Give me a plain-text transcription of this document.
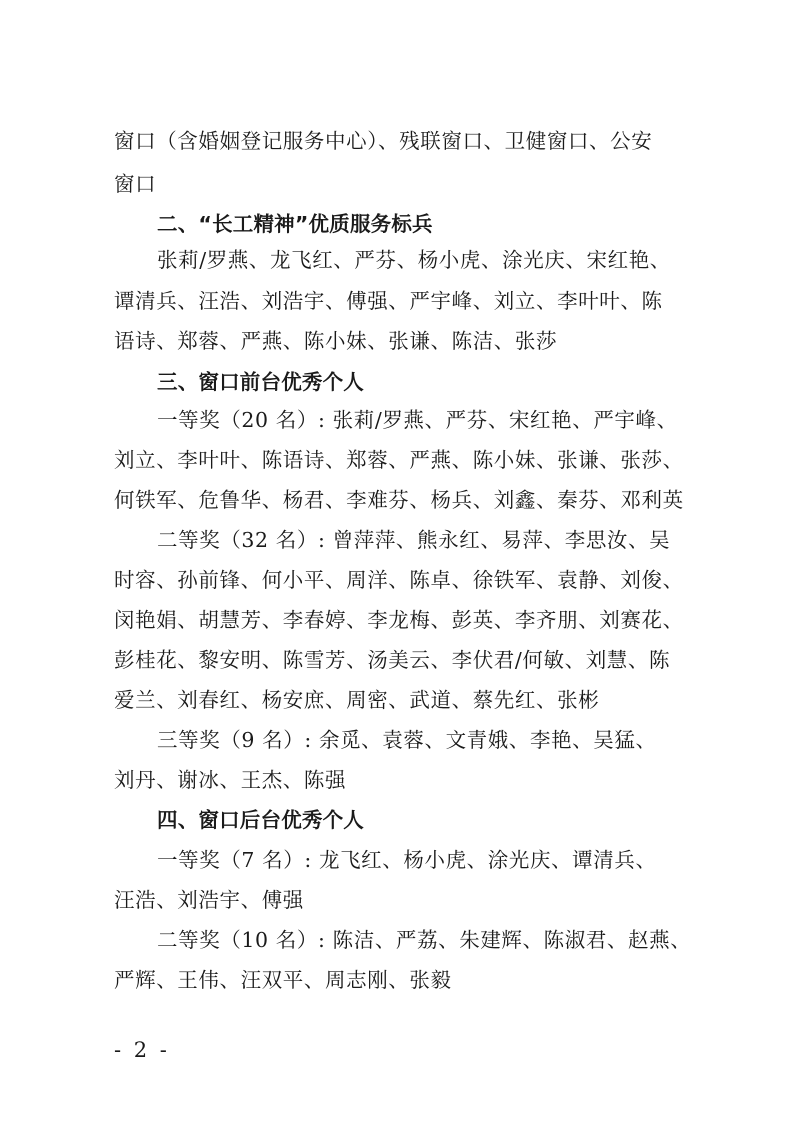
窗口（含婚姻登记服务中心）、残联窗口、卫健窗口、公安
窗口
二、“长工精神”优质服务标兵
张莉/罗燕、龙飞红、严芬、杨小虎、涂光庆、宋红艳、
谭清兵、汪浩、刘浩宇、傅强、严宇峰、刘立、李叶叶、陈
语诗、郑蓉、严燕、陈小妹、张谦、陈洁、张莎
三、窗口前台优秀个人
一等奖（20 名）: 张莉/罗燕、严芬、宋红艳、严宇峰、
刘立、李叶叶、陈语诗、郑蓉、严燕、陈小妹、张谦、张莎、
何铁军、危鲁华、杨君、李难芬、杨兵、刘鑫、秦芬、邓利英
二等奖（32 名）: 曾萍萍、熊永红、易萍、李思汝、吴
时容、孙前锋、何小平、周洋、陈卓、徐铁军、袁静、刘俊、
闵艳娟、胡慧芳、李春婷、李龙梅、彭英、李齐朋、刘赛花、
彭桂花、黎安明、陈雪芳、汤美云、李伏君/何敏、刘慧、陈
爱兰、刘春红、杨安庶、周密、武道、蔡先红、张彬
三等奖（9 名）: 余觅、袁蓉、文青娥、李艳、吴猛、
刘丹、谢冰、王杰、陈强
四、窗口后台优秀个人
一等奖（7 名）: 龙飞红、杨小虎、涂光庆、谭清兵、
汪浩、刘浩宇、傅强
二等奖（10 名）: 陈洁、严荔、朱建辉、陈淑君、赵燕、
严辉、王伟、汪双平、周志刚、张毅
- 2 -
